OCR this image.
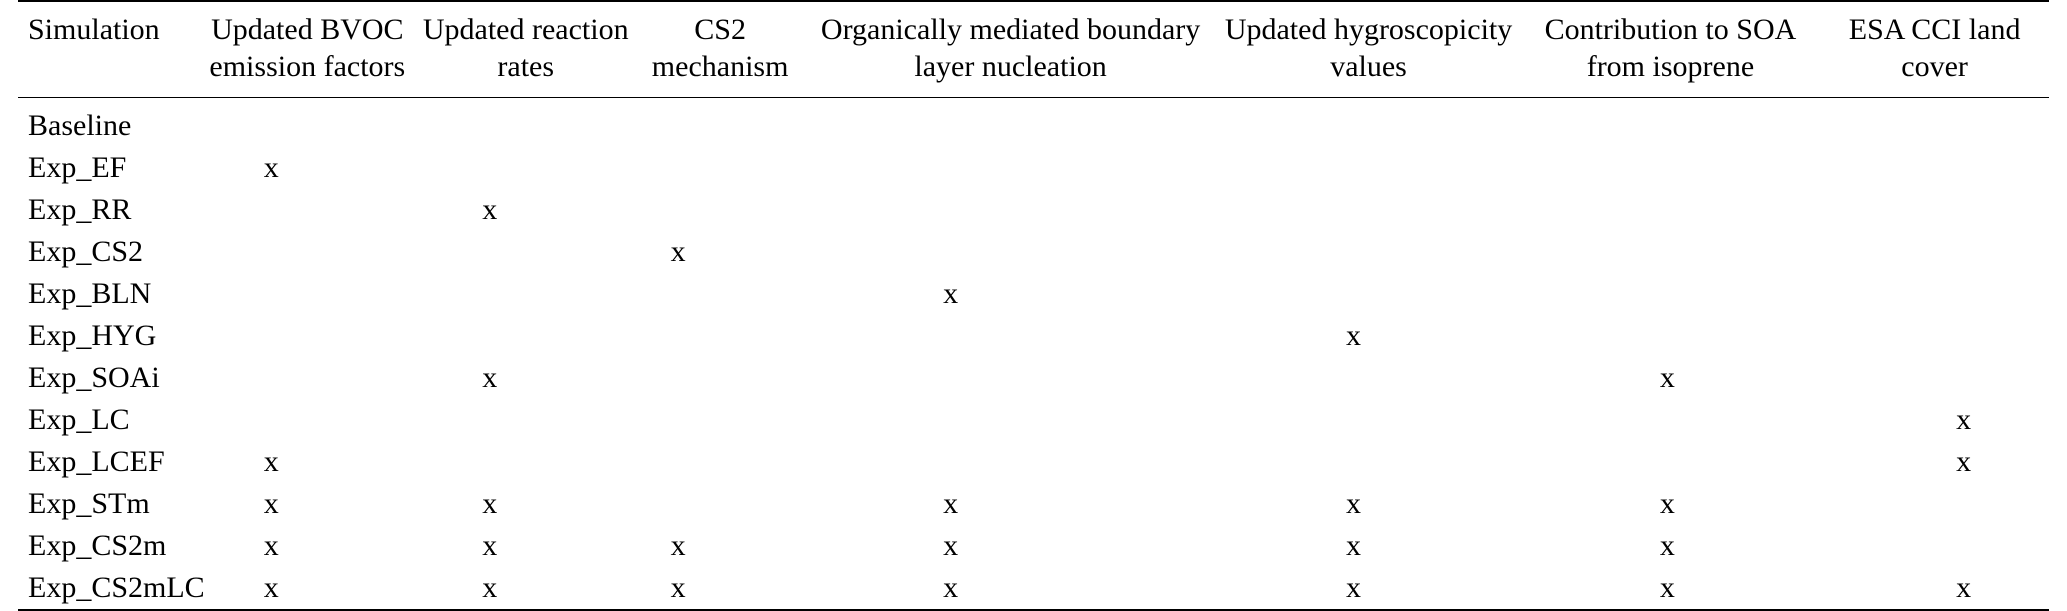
Simulation	Updated BVOC emission factors	Updated reaction rates	CS2 mechanism	Organically mediated boundary layer nucleation	Updated hygroscopicity values	Contribution to SOA from isoprene	ESA CCI land cover

Baseline	

Exp_EF	x						

Exp_RR		x					

Exp_CS2			x				

Exp_BLN				x			

Exp_HYG					x		

Exp_SOAi		x				x	

Exp_LC							x

Exp_LCEF	x						x

Exp_STm	x	x		x	x	x	

Exp_CS2m	x	x	x	x	x	x	

Exp_CS2mLC	x	x	x	x	x	x	x
